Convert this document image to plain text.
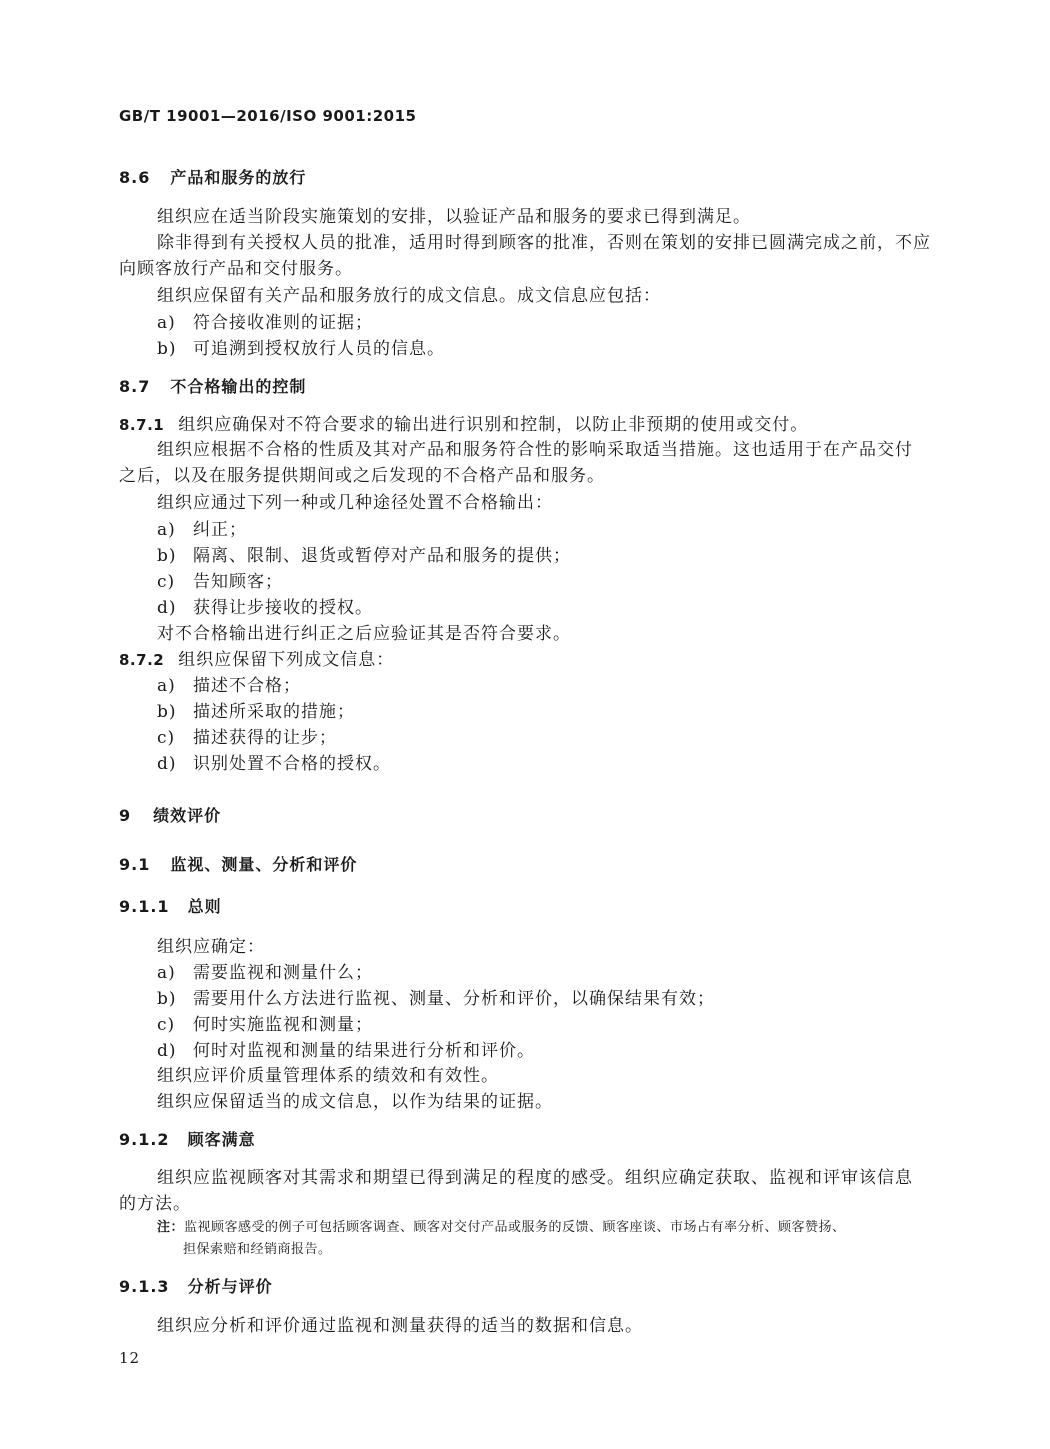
GB/T 19001—2016/ISO 9001:2015
8.6 产品和服务的放行
组织应在适当阶段实施策划的安排，以验证产品和服务的要求已得到满足。
除非得到有关授权人员的批准，适用时得到顾客的批准，否则在策划的安排已圆满完成之前，不应
向顾客放行产品和交付服务。
组织应保留有关产品和服务放行的成文信息。成文信息应包括：
a) 符合接收准则的证据；
b) 可追溯到授权放行人员的信息。
8.7 不合格输出的控制
8.7.1 组织应确保对不符合要求的输出进行识别和控制，以防止非预期的使用或交付。
组织应根据不合格的性质及其对产品和服务符合性的影响采取适当措施。这也适用于在产品交付
之后，以及在服务提供期间或之后发现的不合格产品和服务。
组织应通过下列一种或几种途径处置不合格输出：
a) 纠正；
b) 隔离、限制、退货或暂停对产品和服务的提供；
c) 告知顾客；
d) 获得让步接收的授权。
对不合格输出进行纠正之后应验证其是否符合要求。
8.7.2 组织应保留下列成文信息：
a) 描述不合格；
b) 描述所采取的措施；
c) 描述获得的让步；
d) 识别处置不合格的授权。
9 绩效评价
9.1 监视、测量、分析和评价
9.1.1 总则
组织应确定：
a) 需要监视和测量什么；
b) 需要用什么方法进行监视、测量、分析和评价，以确保结果有效；
c) 何时实施监视和测量；
d) 何时对监视和测量的结果进行分析和评价。
组织应评价质量管理体系的绩效和有效性。
组织应保留适当的成文信息，以作为结果的证据。
9.1.2 顾客满意
组织应监视顾客对其需求和期望已得到满足的程度的感受。组织应确定获取、监视和评审该信息
的方法。
注：监视顾客感受的例子可包括顾客调查、顾客对交付产品或服务的反馈、顾客座谈、市场占有率分析、顾客赞扬、
担保索赔和经销商报告。
9.1.3 分析与评价
组织应分析和评价通过监视和测量获得的适当的数据和信息。
12
